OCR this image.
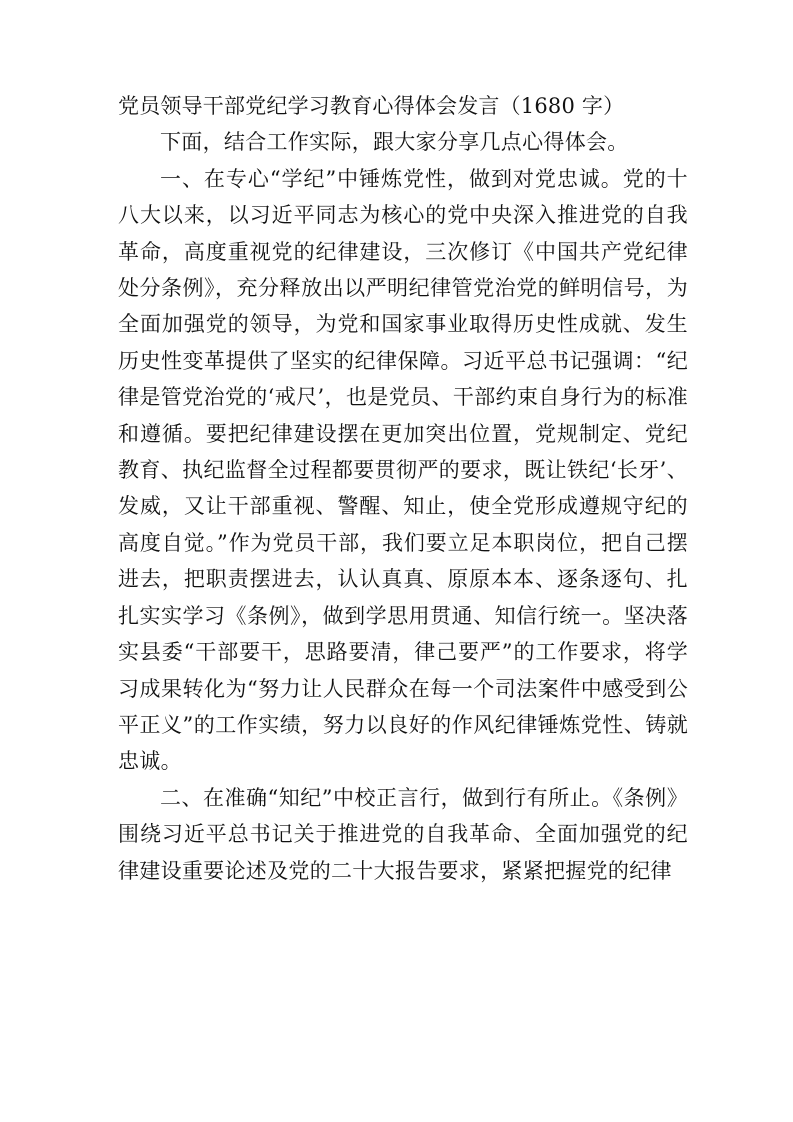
党员领导干部党纪学习教育心得体会发言（1680 字）

下面，结合工作实际，跟大家分享几点心得体会。

一、在专心“学纪”中锤炼党性，做到对党忠诚。党的十八大以来，以习近平同志为核心的党中央深入推进党的自我革命，高度重视党的纪律建设，三次修订《中国共产党纪律处分条例》，充分释放出以严明纪律管党治党的鲜明信号，为全面加强党的领导，为党和国家事业取得历史性成就、发生历史性变革提供了坚实的纪律保障。习近平总书记强调：“纪律是管党治党的‘戒尺’，也是党员、干部约束自身行为的标准和遵循。要把纪律建设摆在更加突出位置，党规制定、党纪教育、执纪监督全过程都要贯彻严的要求，既让铁纪‘长牙’、发威，又让干部重视、警醒、知止，使全党形成遵规守纪的高度自觉。”作为党员干部，我们要立足本职岗位，把自己摆进去，把职责摆进去，认认真真、原原本本、逐条逐句、扎扎实实学习《条例》，做到学思用贯通、知信行统一。坚决落实县委“干部要干，思路要清，律己要严”的工作要求，将学习成果转化为“努力让人民群众在每一个司法案件中感受到公平正义”的工作实绩，努力以良好的作风纪律锤炼党性、铸就忠诚。

二、在准确“知纪”中校正言行，做到行有所止。《条例》围绕习近平总书记关于推进党的自我革命、全面加强党的纪律建设重要论述及党的二十大报告要求，紧紧把握党的纪律
